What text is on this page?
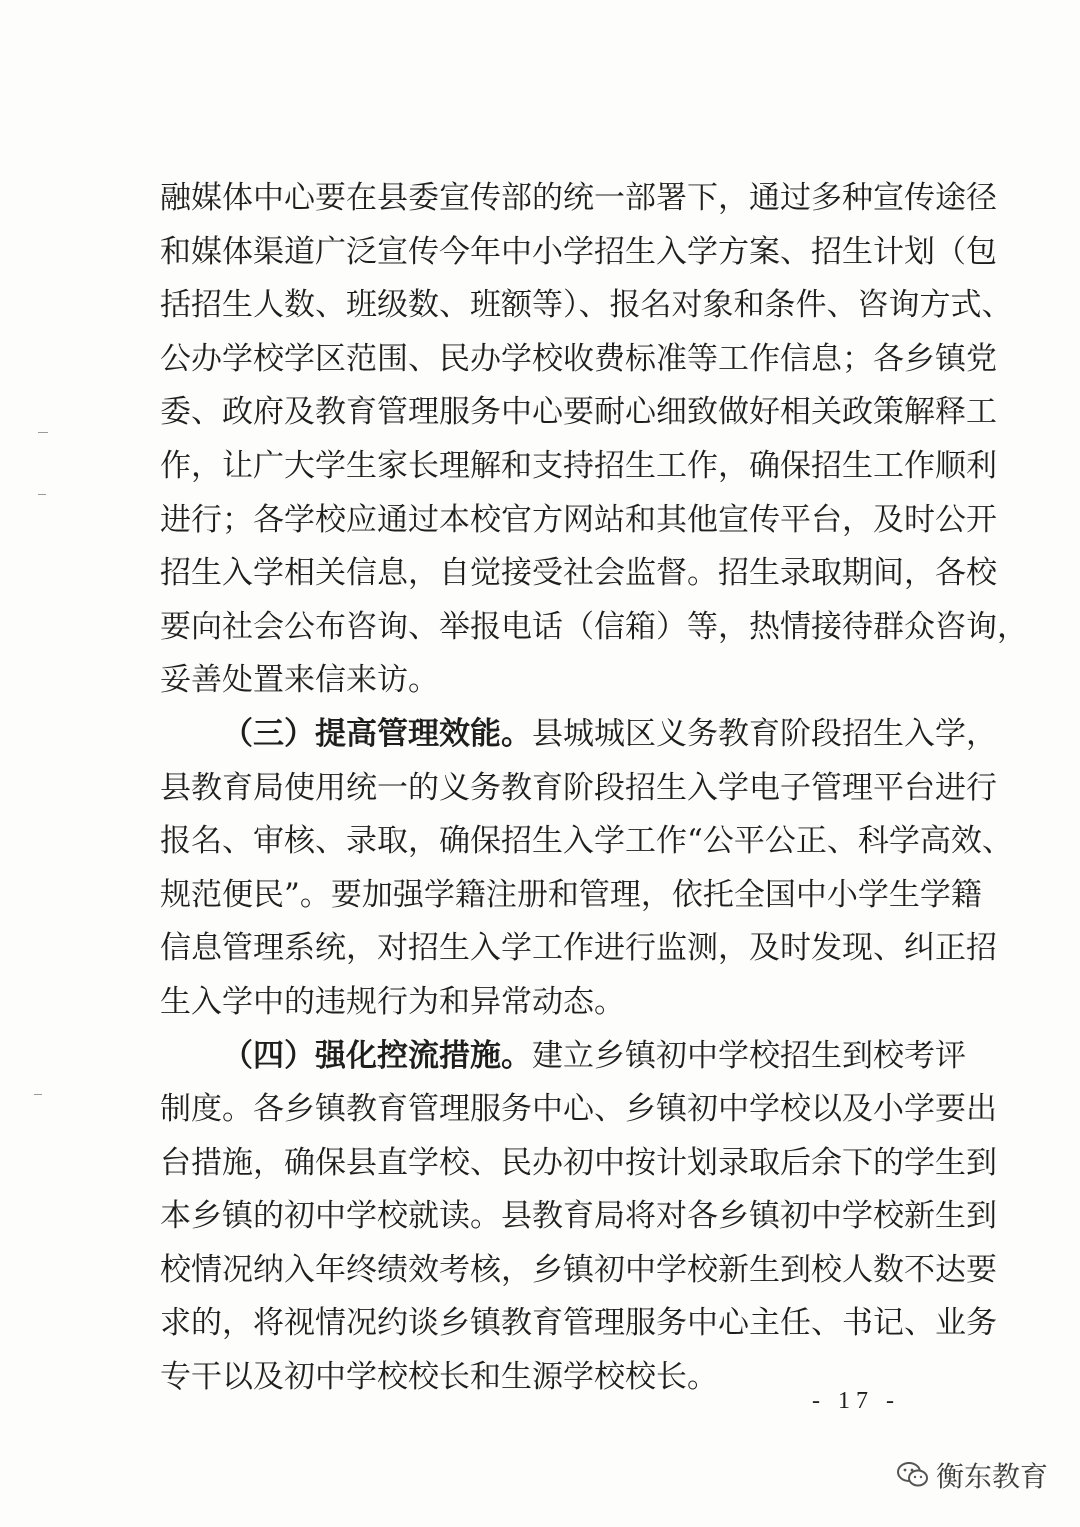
融媒体中心要在县委宣传部的统一部署下，通过多种宣传途径
和媒体渠道广泛宣传今年中小学招生入学方案、招生计划（包
括招生人数、班级数、班额等）、报名对象和条件、咨询方式、
公办学校学区范围、民办学校收费标准等工作信息；各乡镇党
委、政府及教育管理服务中心要耐心细致做好相关政策解释工
作，让广大学生家长理解和支持招生工作，确保招生工作顺利
进行；各学校应通过本校官方网站和其他宣传平台，及时公开
招生入学相关信息，自觉接受社会监督。招生录取期间，各校
要向社会公布咨询、举报电话（信箱）等，热情接待群众咨询，
妥善处置来信来访。
（三）提高管理效能。县城城区义务教育阶段招生入学，
县教育局使用统一的义务教育阶段招生入学电子管理平台进行
报名、审核、录取，确保招生入学工作“公平公正、科学高效、
规范便民”。要加强学籍注册和管理，依托全国中小学生学籍
信息管理系统，对招生入学工作进行监测，及时发现、纠正招
生入学中的违规行为和异常动态。
（四）强化控流措施。建立乡镇初中学校招生到校考评
制度。各乡镇教育管理服务中心、乡镇初中学校以及小学要出
台措施，确保县直学校、民办初中按计划录取后余下的学生到
本乡镇的初中学校就读。县教育局将对各乡镇初中学校新生到
校情况纳入年终绩效考核，乡镇初中学校新生到校人数不达要
求的，将视情况约谈乡镇教育管理服务中心主任、书记、业务
专干以及初中学校校长和生源学校校长。
- 17 -
衡东教育
